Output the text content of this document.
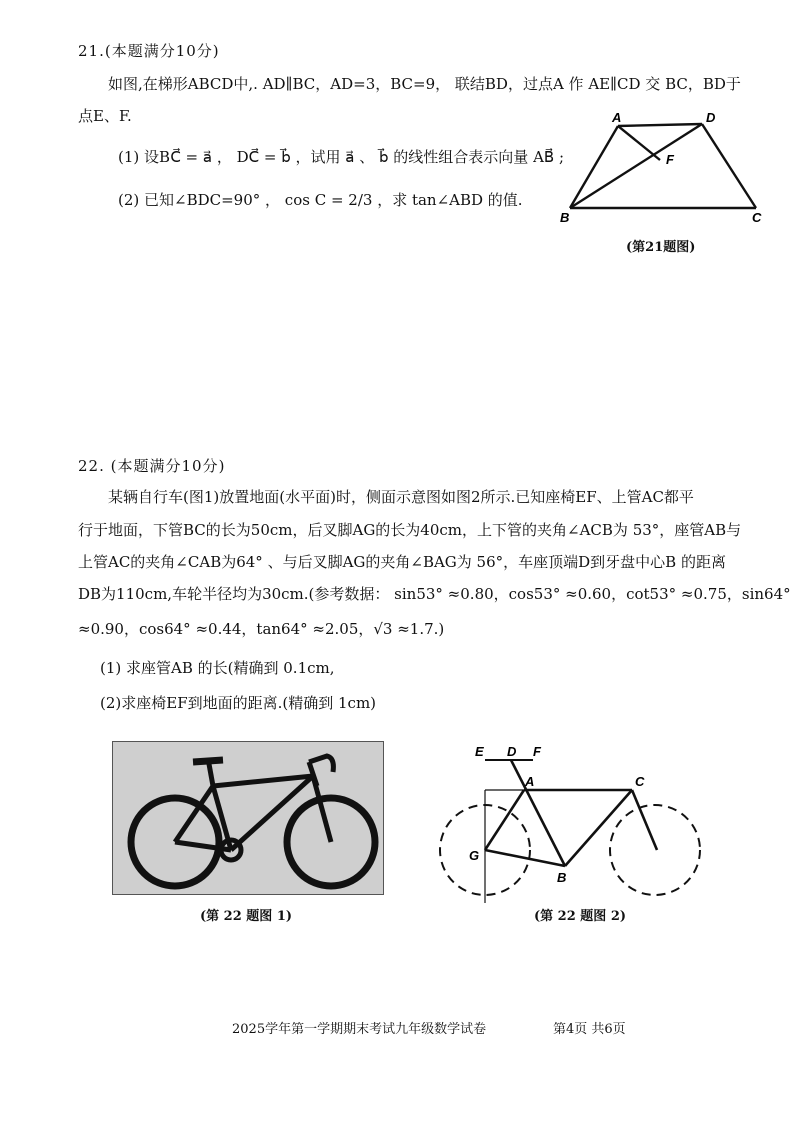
21.(本题满分10分)
如图,在梯形ABCD中,. AD∥BC，AD=3，BC=9， 联结BD，过点A 作 AE∥CD 交 BC，BD于
点E、F.
(1) 设BC⃗ = a⃗ ， DC⃗ = b⃗ ，试用 a⃗ 、 b⃗ 的线性组合表示向量 AB⃗ ;
(2) 已知∠BDC=90° ， cos C = 2/3 ，求 tan∠ABD 的值.
A	D
F
B	C
(第21题图)
22. (本题满分10分)
某辆自行车(图1)放置地面(水平面)时，侧面示意图如图2所示.已知座椅EF、上管AC都平
行于地面，下管BC的长为50cm，后叉脚AG的长为40cm，上下管的夹角∠ACB为 53°，座管AB与
上管AC的夹角∠CAB为64° 、与后叉脚AG的夹角∠BAG为 56°，车座顶端D到牙盘中心B 的距离
DB为110cm,车轮半径均为30cm.(参考数据： sin53° ≈0.80，cos53° ≈0.60，cot53° ≈0.75，sin64°
≈0.90，cos64° ≈0.44，tan64° ≈2.05，√3 ≈1.7.)
(1) 求座管AB 的长(精确到 0.1cm,
(2)求座椅EF到地面的距离.(精确到 1cm)
(第 22 题图 1)
E D F
A	C
G
B
(第 22 题图 2)
2025学年第一学期期末考试九年级数学试卷	第4页 共6页
